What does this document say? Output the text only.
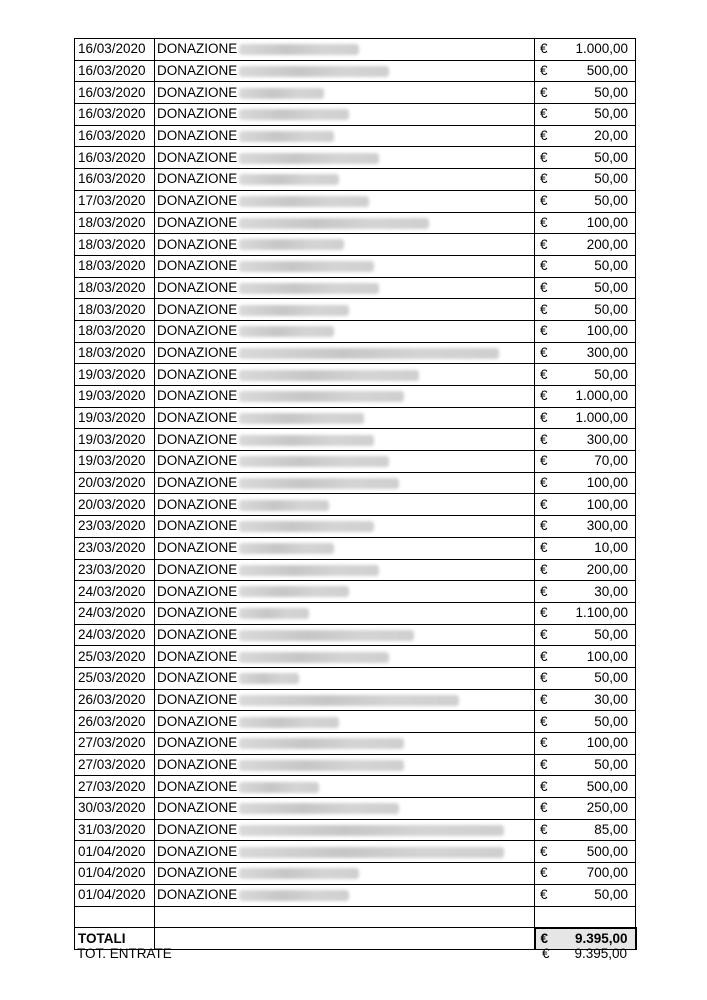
16/03/2020	DONAZIONE	€	1.000,00
16/03/2020	DONAZIONE	€	500,00
16/03/2020	DONAZIONE	€	50,00
16/03/2020	DONAZIONE	€	50,00
16/03/2020	DONAZIONE	€	20,00
16/03/2020	DONAZIONE	€	50,00
16/03/2020	DONAZIONE	€	50,00
17/03/2020	DONAZIONE	€	50,00
18/03/2020	DONAZIONE	€	100,00
18/03/2020	DONAZIONE	€	200,00
18/03/2020	DONAZIONE	€	50,00
18/03/2020	DONAZIONE	€	50,00
18/03/2020	DONAZIONE	€	50,00
18/03/2020	DONAZIONE	€	100,00
18/03/2020	DONAZIONE	€	300,00
19/03/2020	DONAZIONE	€	50,00
19/03/2020	DONAZIONE	€	1.000,00
19/03/2020	DONAZIONE	€	1.000,00
19/03/2020	DONAZIONE	€	300,00
19/03/2020	DONAZIONE	€	70,00
20/03/2020	DONAZIONE	€	100,00
20/03/2020	DONAZIONE	€	100,00
23/03/2020	DONAZIONE	€	300,00
23/03/2020	DONAZIONE	€	10,00
23/03/2020	DONAZIONE	€	200,00
24/03/2020	DONAZIONE	€	30,00
24/03/2020	DONAZIONE	€	1.100,00
24/03/2020	DONAZIONE	€	50,00
25/03/2020	DONAZIONE	€	100,00
25/03/2020	DONAZIONE	€	50,00
26/03/2020	DONAZIONE	€	30,00
26/03/2020	DONAZIONE	€	50,00
27/03/2020	DONAZIONE	€	100,00
27/03/2020	DONAZIONE	€	50,00
27/03/2020	DONAZIONE	€	500,00
30/03/2020	DONAZIONE	€	250,00
31/03/2020	DONAZIONE	€	85,00
01/04/2020	DONAZIONE	€	500,00
01/04/2020	DONAZIONE	€	700,00
01/04/2020	DONAZIONE	€	50,00

TOTALI		€	9.395,00
TOT. ENTRATE	€ 9.395,00
